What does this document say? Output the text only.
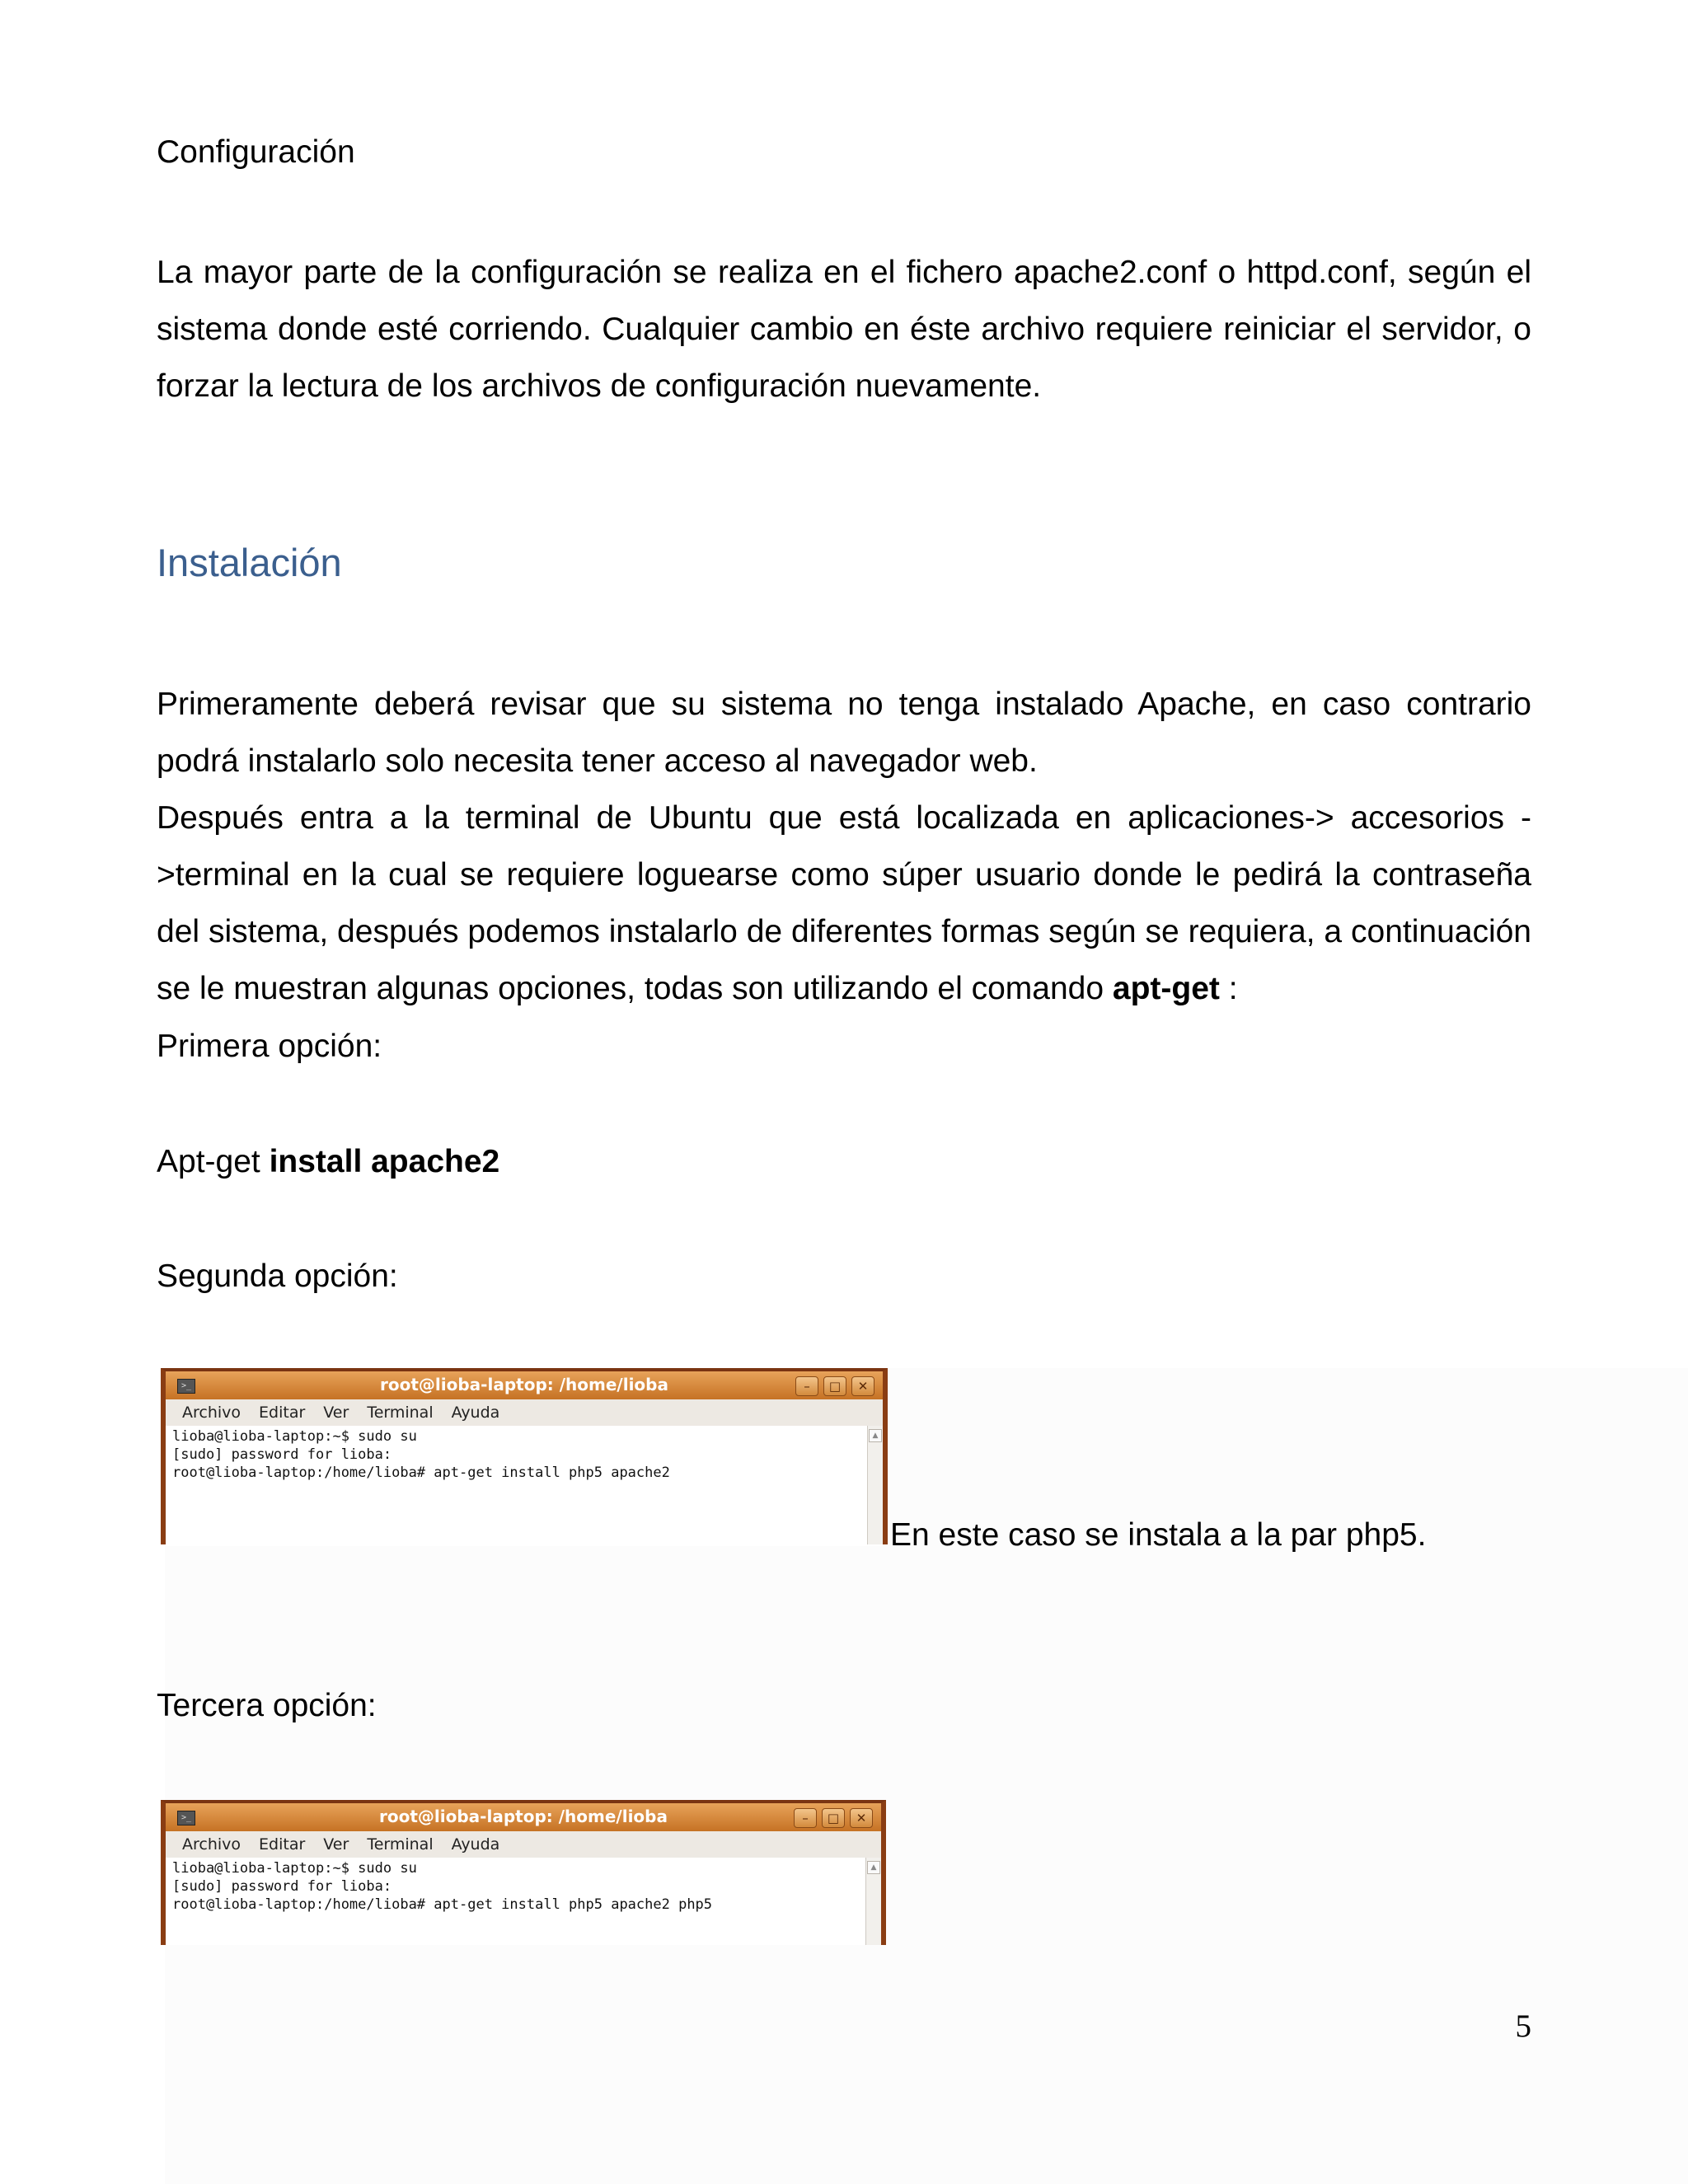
Configuración

La mayor parte de la configuración se realiza en el fichero apache2.conf o httpd.conf, según el sistema donde esté corriendo. Cualquier cambio en éste archivo requiere reiniciar el servidor, o forzar la lectura de los archivos de configuración nuevamente.

Instalación

Primeramente deberá revisar que su sistema no tenga instalado Apache, en caso contrario podrá instalarlo solo necesita tener acceso al navegador web.

Después entra a la terminal de Ubuntu que está localizada en aplicaciones-> accesorios ->terminal en la cual se requiere loguearse como súper usuario donde le pedirá la contraseña del sistema, después podemos instalarlo de diferentes formas según se requiera, a continuación se le muestran algunas opciones, todas son utilizando el comando apt-get :

Primera opción:
Apt-get install apache2
Segunda opción:
>_	root@lioba-laptop: /home/lioba	–	□	✕
Archivo Editar Ver Terminal Ayuda
lioba@lioba-laptop:~$ sudo su
[sudo] password for lioba:
root@lioba-laptop:/home/lioba# apt-get install php5 apache2
▲
En este caso se instala a la par php5.
Tercera opción:
>_	root@lioba-laptop: /home/lioba	–	□	✕
Archivo Editar Ver Terminal Ayuda
lioba@lioba-laptop:~$ sudo su
[sudo] password for lioba:
root@lioba-laptop:/home/lioba# apt-get install php5 apache2 php5
▲
5
